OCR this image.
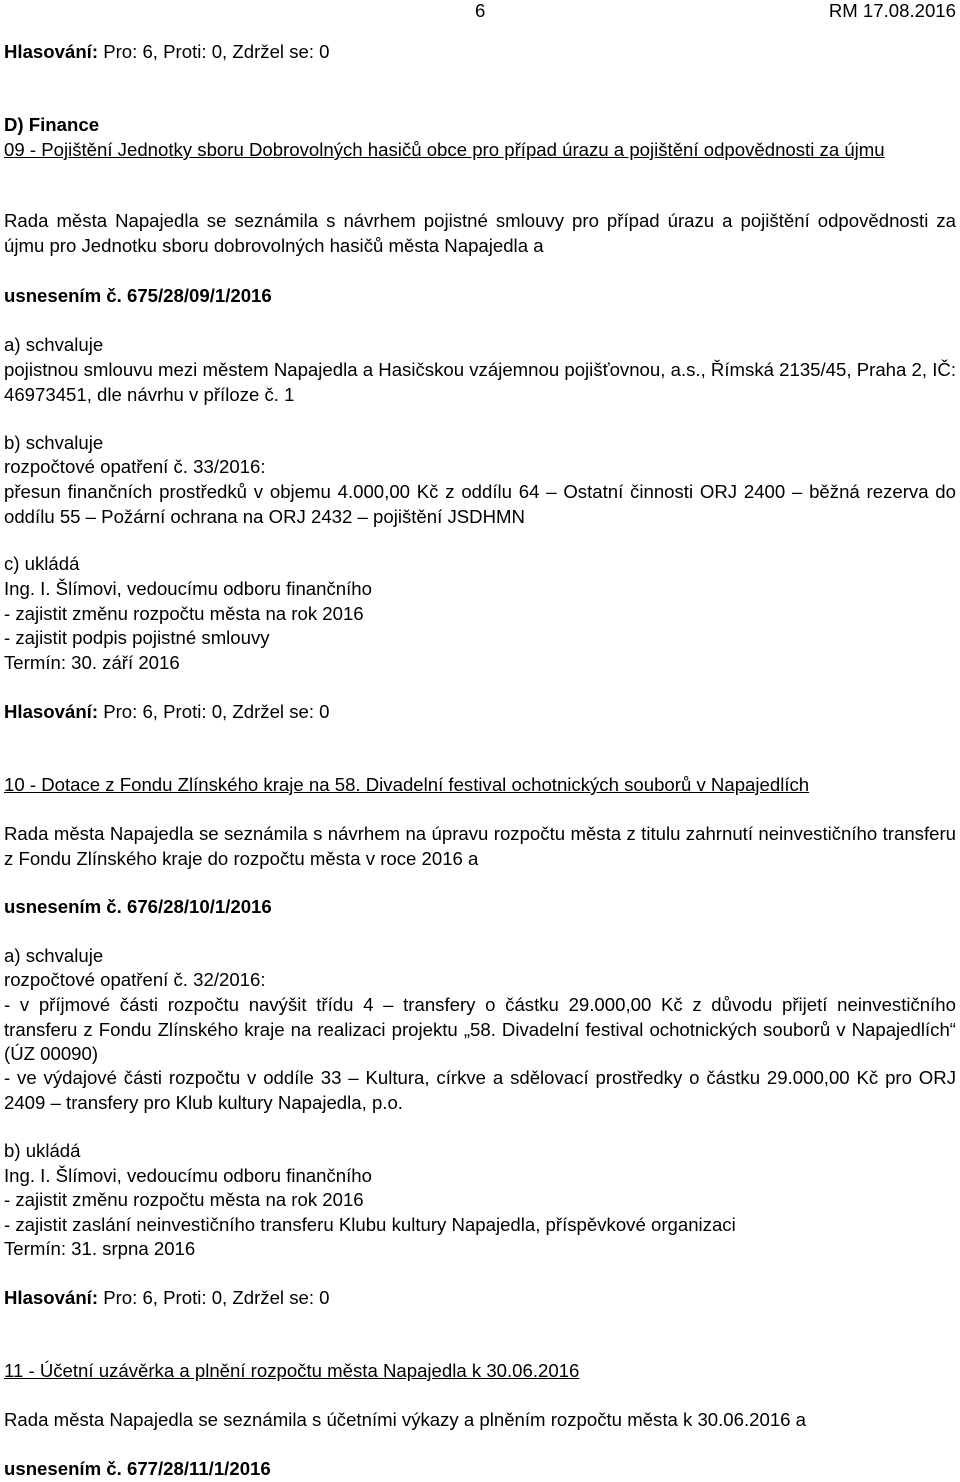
6	RM 17.08.2016
Hlasování: Pro: 6, Proti: 0, Zdržel se: 0
D) Finance
09 - Pojištění Jednotky sboru Dobrovolných hasičů obce pro případ úrazu a pojištění odpovědnosti za újmu
Rada města Napajedla se seznámila s návrhem pojistné smlouvy pro případ úrazu a pojištění odpovědnosti za újmu pro Jednotku sboru dobrovolných hasičů města Napajedla a
usnesením č. 675/28/09/1/2016
a) schvaluje
pojistnou smlouvu mezi městem Napajedla a Hasičskou vzájemnou pojišťovnou, a.s., Římská 2135/45, Praha 2, IČ: 46973451, dle návrhu v příloze č. 1
b) schvaluje
rozpočtové opatření č. 33/2016:
přesun finančních prostředků v objemu 4.000,00 Kč z oddílu 64 – Ostatní činnosti ORJ 2400 – běžná rezerva do oddílu 55 – Požární ochrana na ORJ 2432 – pojištění JSDHMN
c) ukládá
Ing. I. Šlímovi, vedoucímu odboru finančního
- zajistit změnu rozpočtu města na rok 2016
- zajistit podpis pojistné smlouvy
Termín: 30. září 2016
Hlasování: Pro: 6, Proti: 0, Zdržel se: 0
10 - Dotace z Fondu Zlínského kraje na 58. Divadelní festival ochotnických souborů v Napajedlích
Rada města Napajedla se seznámila s návrhem na úpravu rozpočtu města z titulu zahrnutí neinvestičního transferu z Fondu Zlínského kraje do rozpočtu města v roce 2016 a
usnesením č. 676/28/10/1/2016
a) schvaluje
rozpočtové opatření č. 32/2016:
- v příjmové části rozpočtu navýšit třídu 4 – transfery o částku 29.000,00 Kč z důvodu přijetí neinvestičního transferu z Fondu Zlínského kraje na realizaci projektu „58. Divadelní festival ochotnických souborů v Napajedlích“ (ÚZ 00090)
- ve výdajové části rozpočtu v oddíle 33 – Kultura, církve a sdělovací prostředky o částku 29.000,00 Kč pro ORJ 2409 – transfery pro Klub kultury Napajedla, p.o.
b) ukládá
Ing. I. Šlímovi, vedoucímu odboru finančního
- zajistit změnu rozpočtu města na rok 2016
- zajistit zaslání neinvestičního transferu Klubu kultury Napajedla, příspěvkové organizaci
Termín: 31. srpna 2016
Hlasování: Pro: 6, Proti: 0, Zdržel se: 0
11 - Účetní uzávěrka a plnění rozpočtu města Napajedla k 30.06.2016
Rada města Napajedla se seznámila s účetními výkazy a plněním rozpočtu města k 30.06.2016 a
usnesením č. 677/28/11/1/2016
